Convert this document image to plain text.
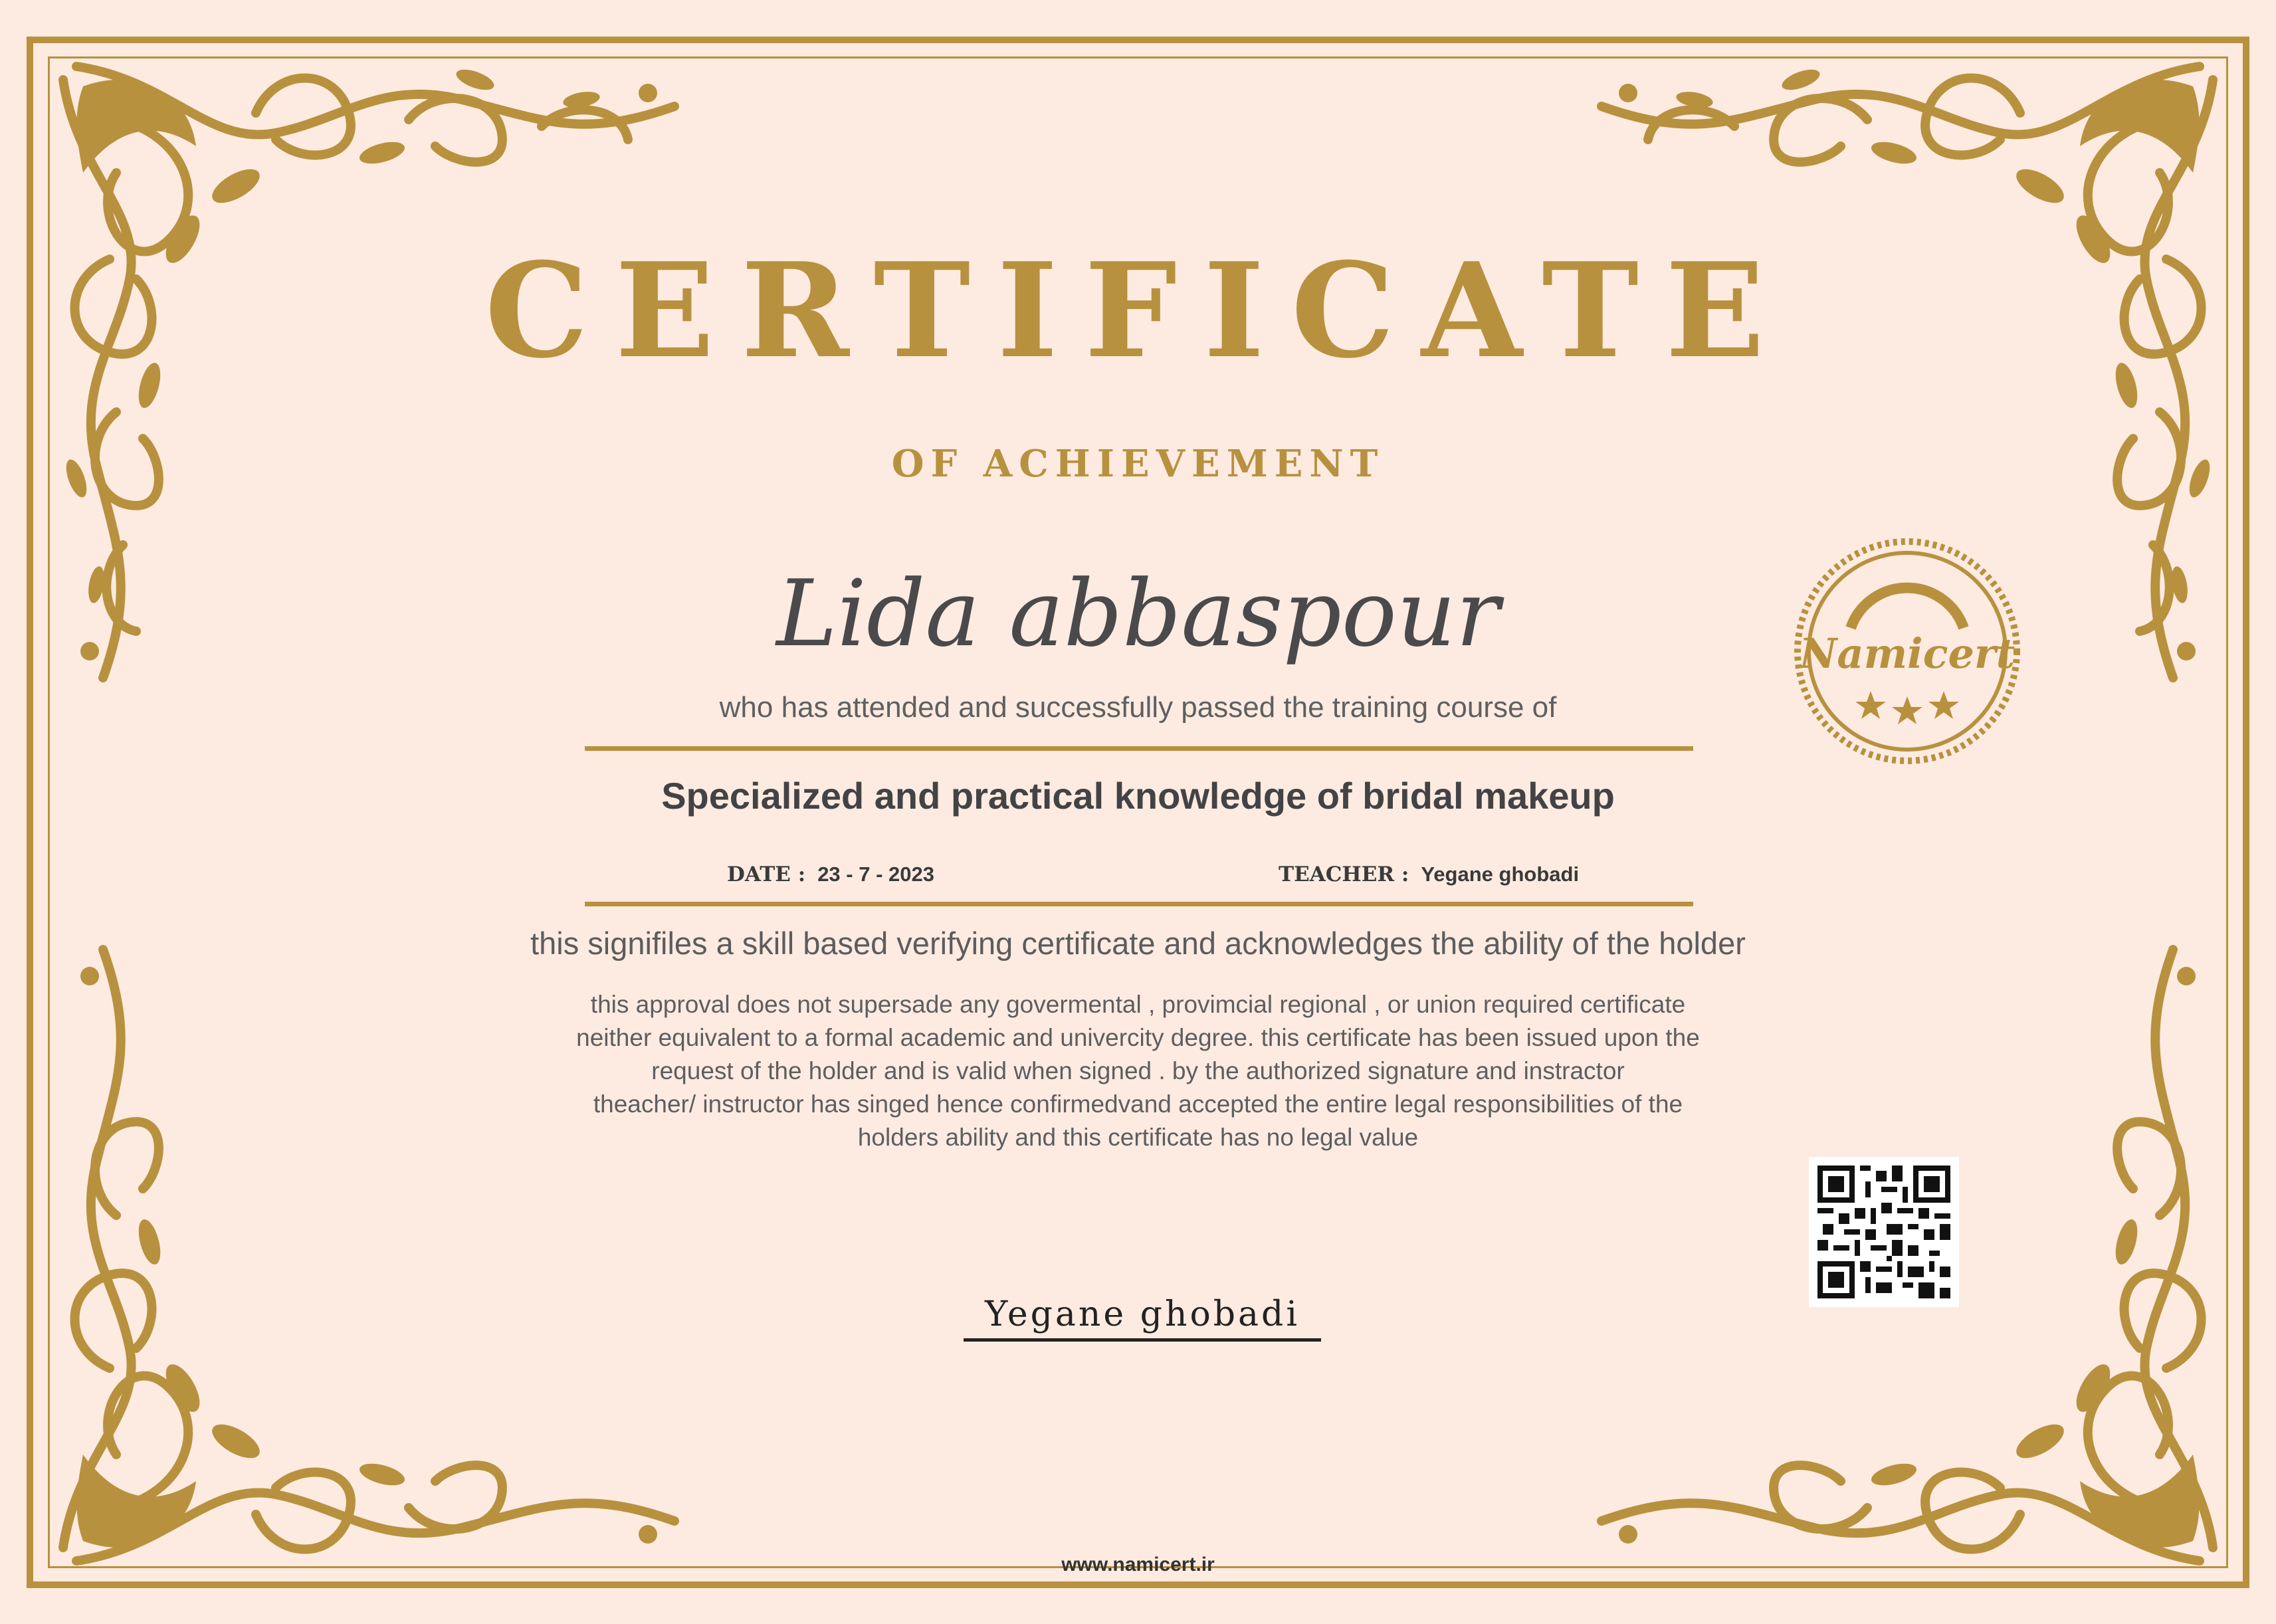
CERTIFICATE
OF ACHIEVEMENT
Lida abbaspour
who has attended and successfully passed the training course of
Specialized and practical knowledge of bridal makeup
DATE : 23 - 7 - 2023	TEACHER : Yegane ghobadi
this signifiles a skill based verifying certificate and acknowledges the ability of the holder
this approval does not supersade any govermental , provimcial regional , or union required certificate
neither equivalent to a formal academic and univercity degree. this certificate has been issued upon the
request of the holder and is valid when signed . by the authorized signature and instractor
theacher/ instructor has singed hence confirmedvand accepted the entire legal responsibilities of the
holders ability and this certificate has no legal value
Namicert
Yegane ghobadi
www.namicert.ir
